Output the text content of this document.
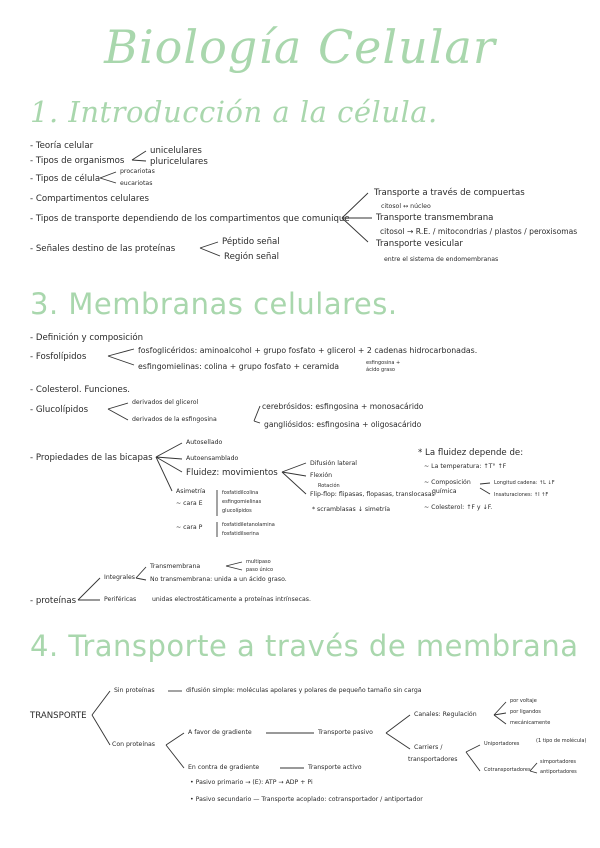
Biología Celular
1. Introducción a la célula.
- Teoría celular
- Tipos de organismos
unicelulares
pluricelulares
- Tipos de célula
procariotas
eucariotas
- Compartimentos celulares
- Tipos de transporte dependiendo de los compartimentos que comunique
Transporte a través de compuertas
citosol ↔ núcleo
Transporte transmembrana
citosol → R.E. / mitocondrias / plastos / peroxisomas
Transporte vesicular
entre el sistema de endomembranas
- Señales destino de las proteínas
Péptido señal
Región señal
3. Membranas celulares.
- Definición y composición
- Fosfolípidos
fosfoglicéridos: aminoalcohol + grupo fosfato + glicerol + 2 cadenas hidrocarbonadas.
esfingomielinas: colina + grupo fosfato + ceramida	esfingosina +
ácido graso
- Colesterol. Funciones.
- Glucolípidos
derivados del glicerol
derivados de la esfingosina
cerebrósidos: esfingosina + monosacárido
gangliósidos: esfingosina + oligosacárido
- Propiedades de las bicapas
Autosellado
Autoensamblado
Fluidez: movimientos
Difusión lateral
Flexión
Rotación
Flip-flop: flipasas, flopasas, translocasas
* scramblasas ↓ simetría
Asimetría
~ cara E
fosfatidilcolina
esfingomielinas
glucolípidos
~ cara P	fosfatidiletanolamina
fosfatidilserina
* La fluidez depende de:
~ La temperatura: ↑T° ↑F
~ Composición
química
Longitud cadena: ↑L ↓F
Insaturaciones: ↑I ↑F
~ Colesterol: ↑F y ↓F.
- proteínas
Integrales
Transmembrana
multipaso
paso único
No transmembrana: unida a un ácido graso.
Periféricas	unidas electrostáticamente a proteínas intrínsecas.
4. Transporte a través de membrana
TRANSPORTE
Sin proteínas	difusión simple: moléculas apolares y polares de pequeño tamaño sin carga
Con proteínas
A favor de gradiente	Transporte pasivo
Canales: Regulación
por voltaje
por ligandos
mecánicamente
Carriers /
transportadores
Uniportadores	(1 tipo de molécula)
Cotransportadores
simportadores
antiportadores
En contra de gradiente	Transporte activo
• Pasivo primario → (E): ATP → ADP + Pi
• Pasivo secundario — Transporte acoplado: cotransportador / antiportador
